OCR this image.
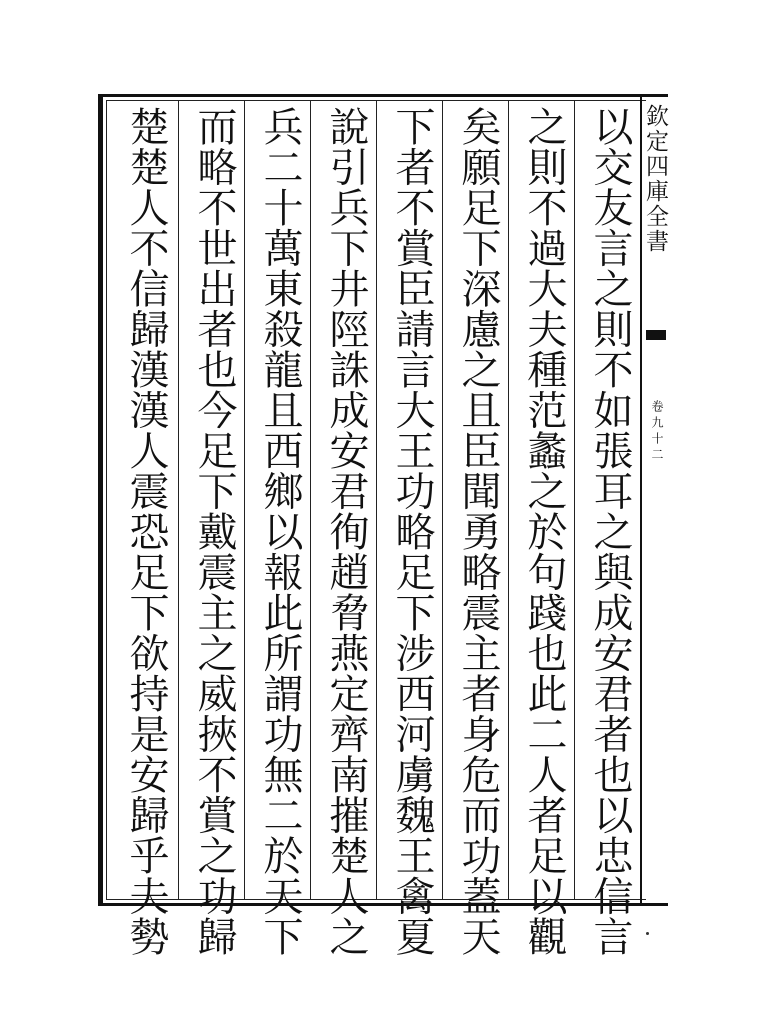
欽定四庫全書
卷九十二
以交友言之則不如張耳之與成安君者也以忠信言
之則不過大夫種范蠡之於句踐也此二人者足以觀
矣願足下深慮之且臣聞勇略震主者身危而功蓋天
下者不賞臣請言大王功略足下涉西河虜魏王禽夏
說引兵下井陘誅成安君徇趙脅燕定齊南摧楚人之
兵二十萬東殺龍且西鄉以報此所謂功無二於天下
而略不世出者也今足下戴震主之威挾不賞之功歸
楚楚人不信歸漢漢人震恐足下欲持是安歸乎夫勢
